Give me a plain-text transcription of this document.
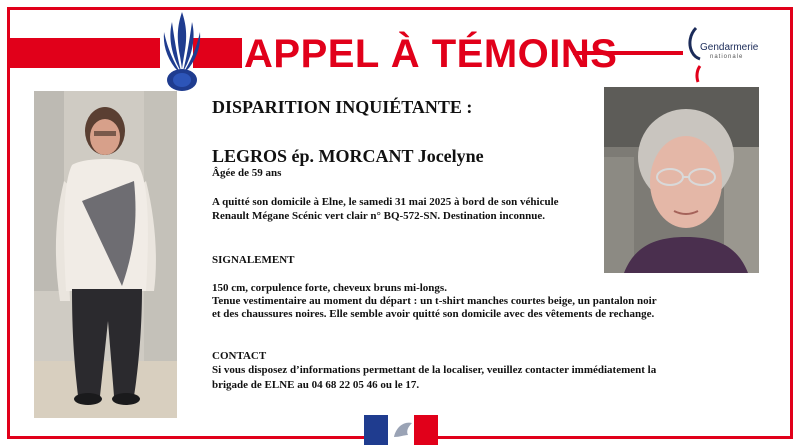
APPEL À TÉMOINS	Gendarmerie
nationale
DISPARITION INQUIÉTANTE :
LEGROS ép. MORCANT Jocelyne
Âgée de 59 ans
A quitté son domicile à Elne, le samedi 31 mai 2025 à bord de son véhicule
Renault Mégane Scénic vert clair n° BQ-572-SN. Destination inconnue.
SIGNALEMENT
150 cm, corpulence forte, cheveux bruns mi-longs.
Tenue vestimentaire au moment du départ : un t-shirt manches courtes beige, un pantalon noir
et des chaussures noires. Elle semble avoir quitté son domicile avec des vêtements de rechange.
CONTACT
Si vous disposez d’informations permettant de la localiser, veuillez contacter immédiatement la
brigade de ELNE au 04 68 22 05 46 ou le 17.
